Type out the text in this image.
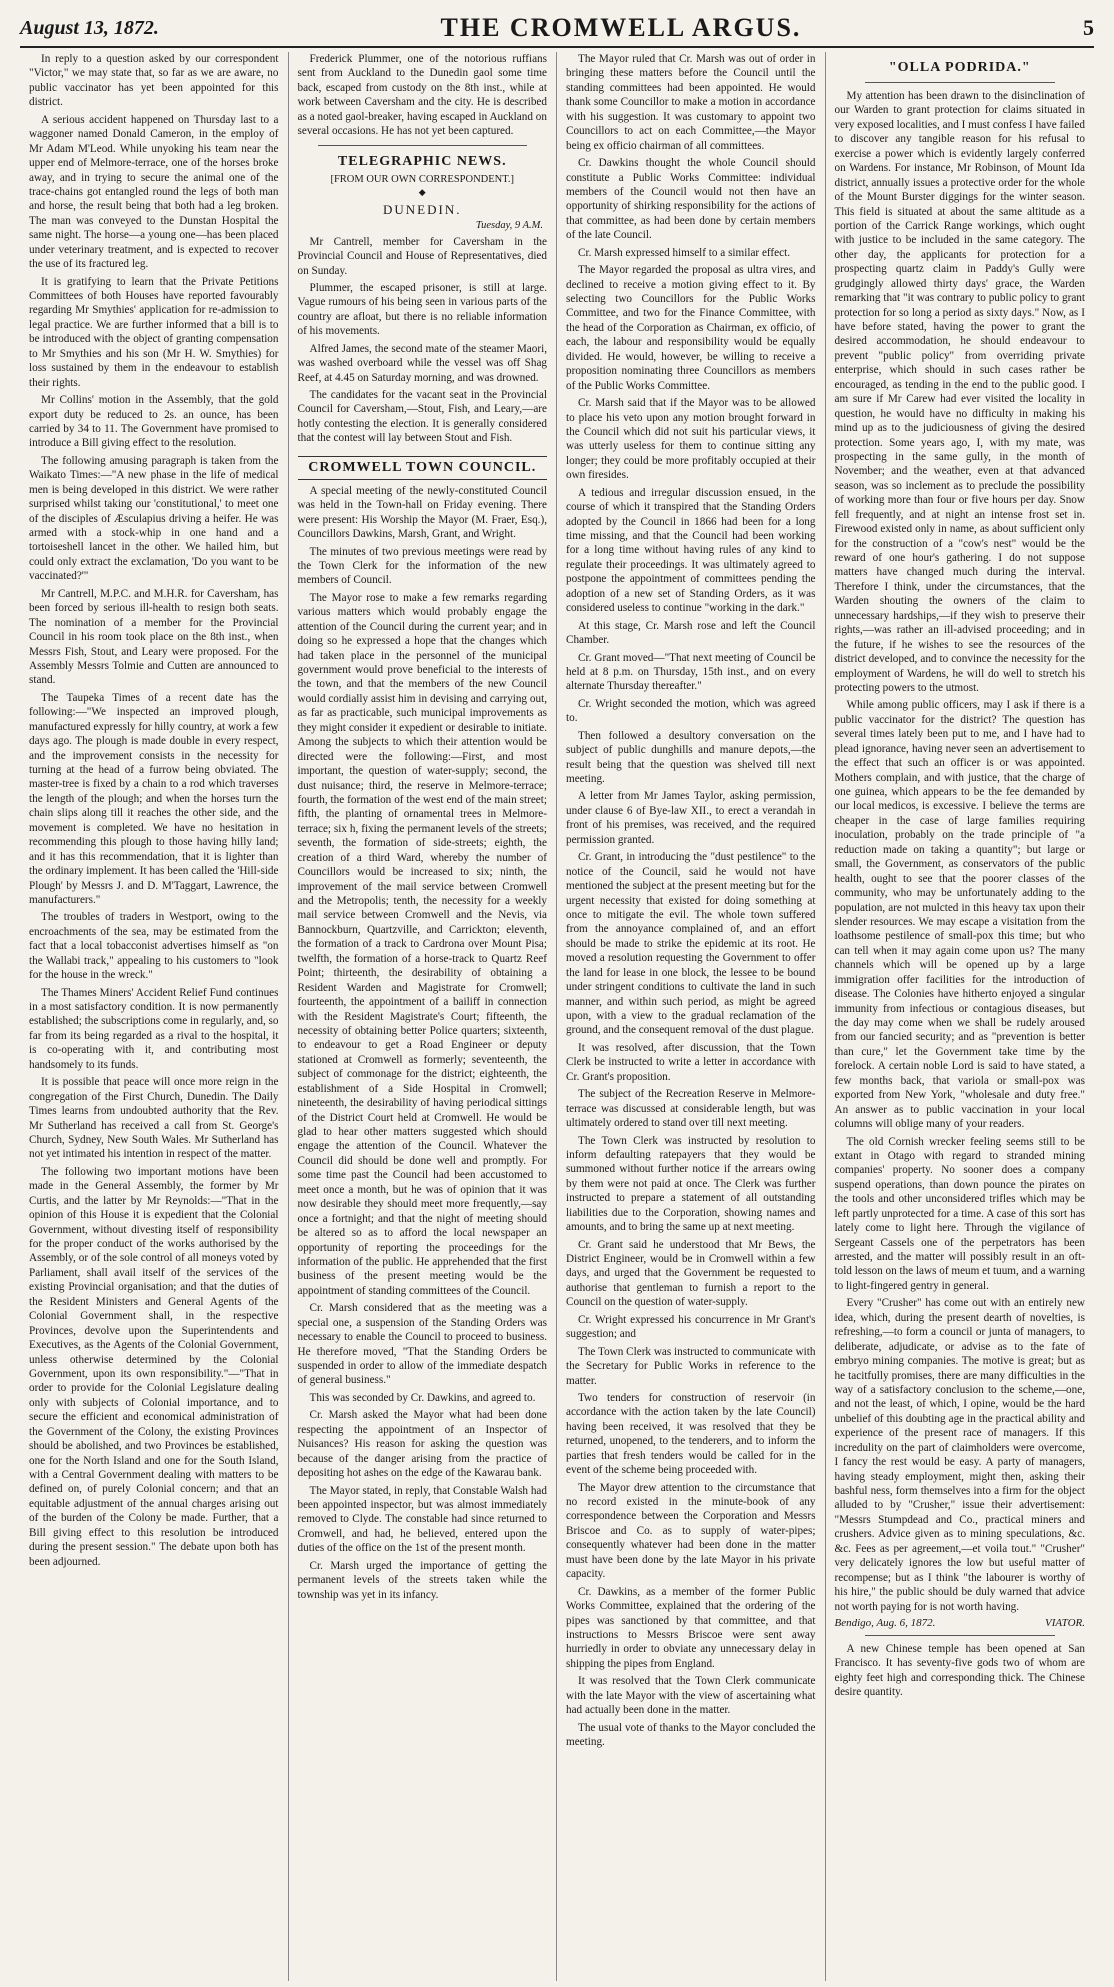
August 13, 1872.	THE CROMWELL ARGUS.	5

In reply to a question asked by our correspondent "Victor," we may state that, so far as we are aware, no public vaccinator has yet been appointed for this district.

A serious accident happened on Thursday last to a waggoner named Donald Cameron, in the employ of Mr Adam M'Leod. While unyoking his team near the upper end of Melmore-terrace, one of the horses broke away, and in trying to secure the animal one of the trace-chains got entangled round the legs of both man and horse, the result being that both had a leg broken. The man was conveyed to the Dunstan Hospital the same night. The horse—a young one—has been placed under veterinary treatment, and is expected to recover the use of its fractured leg.

It is gratifying to learn that the Private Petitions Committees of both Houses have reported favourably regarding Mr Smythies' application for re-admission to legal practice. We are further informed that a bill is to be introduced with the object of granting compensation to Mr Smythies and his son (Mr H. W. Smythies) for loss sustained by them in the endeavour to establish their rights.

Mr Collins' motion in the Assembly, that the gold export duty be reduced to 2s. an ounce, has been carried by 34 to 11. The Government have promised to introduce a Bill giving effect to the resolution.

The following amusing paragraph is taken from the Waikato Times:—"A new phase in the life of medical men is being developed in this district. We were rather surprised whilst taking our 'constitutional,' to meet one of the disciples of Æsculapius driving a heifer. He was armed with a stock-whip in one hand and a tortoiseshell lancet in the other. We hailed him, but could only extract the exclamation, 'Do you want to be vaccinated?'"

Mr Cantrell, M.P.C. and M.H.R. for Caversham, has been forced by serious ill-health to resign both seats. The nomination of a member for the Provincial Council in his room took place on the 8th inst., when Messrs Fish, Stout, and Leary were proposed. For the Assembly Messrs Tolmie and Cutten are announced to stand.

The Taupeka Times of a recent date has the following:—"We inspected an improved plough, manufactured expressly for hilly country, at work a few days ago. The plough is made double in every respect, and the improvement consists in the necessity for turning at the head of a furrow being obviated. The master-tree is fixed by a chain to a rod which traverses the length of the plough; and when the horses turn the chain slips along till it reaches the other side, and the movement is completed. We have no hesitation in recommending this plough to those having hilly land; and it has this recommendation, that it is lighter than the ordinary implement. It has been called the 'Hill-side Plough' by Messrs J. and D. M'Taggart, Lawrence, the manufacturers."

The troubles of traders in Westport, owing to the encroachments of the sea, may be estimated from the fact that a local tobacconist advertises himself as "on the Wallabi track," appealing to his customers to "look for the house in the wreck."

The Thames Miners' Accident Relief Fund continues in a most satisfactory condition. It is now permanently established; the subscriptions come in regularly, and, so far from its being regarded as a rival to the hospital, it is co-operating with it, and contributing most handsomely to its funds.

It is possible that peace will once more reign in the congregation of the First Church, Dunedin. The Daily Times learns from undoubted authority that the Rev. Mr Sutherland has received a call from St. George's Church, Sydney, New South Wales. Mr Sutherland has not yet intimated his intention in respect of the matter.

The following two important motions have been made in the General Assembly, the former by Mr Curtis, and the latter by Mr Reynolds:—"That in the opinion of this House it is expedient that the Colonial Government, without divesting itself of responsibility for the proper conduct of the works authorised by the Assembly, or of the sole control of all moneys voted by Parliament, shall avail itself of the services of the existing Provincial organisation; and that the duties of the Resident Ministers and General Agents of the Colonial Government shall, in the respective Provinces, devolve upon the Superintendents and Executives, as the Agents of the Colonial Government, unless otherwise determined by the Colonial Government, upon its own responsibility."—"That in order to provide for the Colonial Legislature dealing only with subjects of Colonial importance, and to secure the efficient and economical administration of the Government of the Colony, the existing Provinces should be abolished, and two Provinces be established, one for the North Island and one for the South Island, with a Central Government dealing with matters to be defined on, of purely Colonial concern; and that an equitable adjustment of the annual charges arising out of the burden of the Colony be made. Further, that a Bill giving effect to this resolution be introduced during the present session." The debate upon both has been adjourned.

Frederick Plummer, one of the notorious ruffians sent from Auckland to the Dunedin gaol some time back, escaped from custody on the 8th inst., while at work between Caversham and the city. He is described as a noted gaol-breaker, having escaped in Auckland on several occasions. He has not yet been captured.

TELEGRAPHIC NEWS.
[FROM OUR OWN CORRESPONDENT.]
◆
DUNEDIN.
Tuesday, 9 A.M.

Mr Cantrell, member for Caversham in the Provincial Council and House of Representatives, died on Sunday.

Plummer, the escaped prisoner, is still at large. Vague rumours of his being seen in various parts of the country are afloat, but there is no reliable information of his movements.

Alfred James, the second mate of the steamer Maori, was washed overboard while the vessel was off Shag Reef, at 4.45 on Saturday morning, and was drowned.

The candidates for the vacant seat in the Provincial Council for Caversham,—Stout, Fish, and Leary,—are hotly contesting the election. It is generally considered that the contest will lay between Stout and Fish.

CROMWELL TOWN COUNCIL.

A special meeting of the newly-constituted Council was held in the Town-hall on Friday evening. There were present: His Worship the Mayor (M. Fraer, Esq.), Councillors Dawkins, Marsh, Grant, and Wright.

The minutes of two previous meetings were read by the Town Clerk for the information of the new members of Council.

The Mayor rose to make a few remarks regarding various matters which would probably engage the attention of the Council during the current year; and in doing so he expressed a hope that the changes which had taken place in the personnel of the municipal government would prove beneficial to the interests of the town, and that the members of the new Council would cordially assist him in devising and carrying out, as far as practicable, such municipal improvements as they might consider it expedient or desirable to initiate. Among the subjects to which their attention would be directed were the following:—First, and most important, the question of water-supply; second, the dust nuisance; third, the reserve in Melmore-terrace; fourth, the formation of the west end of the main street; fifth, the planting of ornamental trees in Melmore-terrace; six h, fixing the permanent levels of the streets; seventh, the formation of side-streets; eighth, the creation of a third Ward, whereby the number of Councillors would be increased to six; ninth, the improvement of the mail service between Cromwell and the Metropolis; tenth, the necessity for a weekly mail service between Cromwell and the Nevis, via Bannockburn, Quartzville, and Carrickton; eleventh, the formation of a track to Cardrona over Mount Pisa; twelfth, the formation of a horse-track to Quartz Reef Point; thirteenth, the desirability of obtaining a Resident Warden and Magistrate for Cromwell; fourteenth, the appointment of a bailiff in connection with the Resident Magistrate's Court; fifteenth, the necessity of obtaining better Police quarters; sixteenth, to endeavour to get a Road Engineer or deputy stationed at Cromwell as formerly; seventeenth, the subject of commonage for the district; eighteenth, the establishment of a Side Hospital in Cromwell; nineteenth, the desirability of having periodical sittings of the District Court held at Cromwell. He would be glad to hear other matters suggested which should engage the attention of the Council. Whatever the Council did should be done well and promptly. For some time past the Council had been accustomed to meet once a month, but he was of opinion that it was now desirable they should meet more frequently,—say once a fortnight; and that the night of meeting should be altered so as to afford the local newspaper an opportunity of reporting the proceedings for the information of the public. He apprehended that the first business of the present meeting would be the appointment of standing committees of the Council.

Cr. Marsh considered that as the meeting was a special one, a suspension of the Standing Orders was necessary to enable the Council to proceed to business. He therefore moved, "That the Standing Orders be suspended in order to allow of the immediate despatch of general business."

This was seconded by Cr. Dawkins, and agreed to.

Cr. Marsh asked the Mayor what had been done respecting the appointment of an Inspector of Nuisances? His reason for asking the question was because of the danger arising from the practice of depositing hot ashes on the edge of the Kawarau bank.

The Mayor stated, in reply, that Constable Walsh had been appointed inspector, but was almost immediately removed to Clyde. The constable had since returned to Cromwell, and had, he believed, entered upon the duties of the office on the 1st of the present month.

Cr. Marsh urged the importance of getting the permanent levels of the streets taken while the township was yet in its infancy.

The Mayor ruled that Cr. Marsh was out of order in bringing these matters before the Council until the standing committees had been appointed. He would thank some Councillor to make a motion in accordance with his suggestion. It was customary to appoint two Councillors to act on each Committee,—the Mayor being ex officio chairman of all committees.

Cr. Dawkins thought the whole Council should constitute a Public Works Committee: individual members of the Council would not then have an opportunity of shirking responsibility for the actions of that committee, as had been done by certain members of the late Council.

Cr. Marsh expressed himself to a similar effect.

The Mayor regarded the proposal as ultra vires, and declined to receive a motion giving effect to it. By selecting two Councillors for the Public Works Committee, and two for the Finance Committee, with the head of the Corporation as Chairman, ex officio, of each, the labour and responsibility would be equally divided. He would, however, be willing to receive a proposition nominating three Councillors as members of the Public Works Committee.

Cr. Marsh said that if the Mayor was to be allowed to place his veto upon any motion brought forward in the Council which did not suit his particular views, it was utterly useless for them to continue sitting any longer; they could be more profitably occupied at their own firesides.

A tedious and irregular discussion ensued, in the course of which it transpired that the Standing Orders adopted by the Council in 1866 had been for a long time missing, and that the Council had been working for a long time without having rules of any kind to regulate their proceedings. It was ultimately agreed to postpone the appointment of committees pending the adoption of a new set of Standing Orders, as it was considered useless to continue "working in the dark."

At this stage, Cr. Marsh rose and left the Council Chamber.

Cr. Grant moved—"That next meeting of Council be held at 8 p.m. on Thursday, 15th inst., and on every alternate Thursday thereafter."

Cr. Wright seconded the motion, which was agreed to.

Then followed a desultory conversation on the subject of public dunghills and manure depots,—the result being that the question was shelved till next meeting.

A letter from Mr James Taylor, asking permission, under clause 6 of Bye-law XII., to erect a verandah in front of his premises, was received, and the required permission granted.

Cr. Grant, in introducing the "dust pestilence" to the notice of the Council, said he would not have mentioned the subject at the present meeting but for the urgent necessity that existed for doing something at once to mitigate the evil. The whole town suffered from the annoyance complained of, and an effort should be made to strike the epidemic at its root. He moved a resolution requesting the Government to offer the land for lease in one block, the lessee to be bound under stringent conditions to cultivate the land in such manner, and within such period, as might be agreed upon, with a view to the gradual reclamation of the ground, and the consequent removal of the dust plague.

It was resolved, after discussion, that the Town Clerk be instructed to write a letter in accordance with Cr. Grant's proposition.

The subject of the Recreation Reserve in Melmore-terrace was discussed at considerable length, but was ultimately ordered to stand over till next meeting.

The Town Clerk was instructed by resolution to inform defaulting ratepayers that they would be summoned without further notice if the arrears owing by them were not paid at once. The Clerk was further instructed to prepare a statement of all outstanding liabilities due to the Corporation, showing names and amounts, and to bring the same up at next meeting.

Cr. Grant said he understood that Mr Bews, the District Engineer, would be in Cromwell within a few days, and urged that the Government be requested to authorise that gentleman to furnish a report to the Council on the question of water-supply.

Cr. Wright expressed his concurrence in Mr Grant's suggestion; and

The Town Clerk was instructed to communicate with the Secretary for Public Works in reference to the matter.

Two tenders for construction of reservoir (in accordance with the action taken by the late Council) having been received, it was resolved that they be returned, unopened, to the tenderers, and to inform the parties that fresh tenders would be called for in the event of the scheme being proceeded with.

The Mayor drew attention to the circumstance that no record existed in the minute-book of any correspondence between the Corporation and Messrs Briscoe and Co. as to supply of water-pipes; consequently whatever had been done in the matter must have been done by the late Mayor in his private capacity.

Cr. Dawkins, as a member of the former Public Works Committee, explained that the ordering of the pipes was sanctioned by that committee, and that instructions to Messrs Briscoe were sent away hurriedly in order to obviate any unnecessary delay in shipping the pipes from England.

It was resolved that the Town Clerk communicate with the late Mayor with the view of ascertaining what had actually been done in the matter.

The usual vote of thanks to the Mayor concluded the meeting.

"OLLA PODRIDA."

My attention has been drawn to the disinclination of our Warden to grant protection for claims situated in very exposed localities, and I must confess I have failed to discover any tangible reason for his refusal to exercise a power which is evidently largely conferred on Wardens. For instance, Mr Robinson, of Mount Ida district, annually issues a protective order for the whole of the Mount Burster diggings for the winter season. This field is situated at about the same altitude as a portion of the Carrick Range workings, which ought with justice to be included in the same category. The other day, the applicants for protection for a prospecting quartz claim in Paddy's Gully were grudgingly allowed thirty days' grace, the Warden remarking that "it was contrary to public policy to grant protection for so long a period as sixty days." Now, as I have before stated, having the power to grant the desired accommodation, he should endeavour to prevent "public policy" from overriding private enterprise, which should in such cases rather be encouraged, as tending in the end to the public good. I am sure if Mr Carew had ever visited the locality in question, he would have no difficulty in making his mind up as to the judiciousness of giving the desired protection. Some years ago, I, with my mate, was prospecting in the same gully, in the month of November; and the weather, even at that advanced season, was so inclement as to preclude the possibility of working more than four or five hours per day. Snow fell frequently, and at night an intense frost set in. Firewood existed only in name, as about sufficient only for the construction of a "cow's nest" would be the reward of one hour's gathering. I do not suppose matters have changed much during the interval. Therefore I think, under the circumstances, that the Warden shouting the owners of the claim to unnecessary hardships,—if they wish to preserve their rights,—was rather an ill-advised proceeding; and in the future, if he wishes to see the resources of the district developed, and to convince the necessity for the employment of Wardens, he will do well to stretch his protecting powers to the utmost.

While among public officers, may I ask if there is a public vaccinator for the district? The question has several times lately been put to me, and I have had to plead ignorance, having never seen an advertisement to the effect that such an officer is or was appointed. Mothers complain, and with justice, that the charge of one guinea, which appears to be the fee demanded by our local medicos, is excessive. I believe the terms are cheaper in the case of large families requiring inoculation, probably on the trade principle of "a reduction made on taking a quantity"; but large or small, the Government, as conservators of the public health, ought to see that the poorer classes of the community, who may be unfortunately adding to the population, are not mulcted in this heavy tax upon their slender resources. We may escape a visitation from the loathsome pestilence of small-pox this time; but who can tell when it may again come upon us? The many channels which will be opened up by a large immigration offer facilities for the introduction of disease. The Colonies have hitherto enjoyed a singular immunity from infectious or contagious diseases, but the day may come when we shall be rudely aroused from our fancied security; and as "prevention is better than cure," let the Government take time by the forelock. A certain noble Lord is said to have stated, a few months back, that variola or small-pox was exported from New York, "wholesale and duty free." An answer as to public vaccination in your local columns will oblige many of your readers.

The old Cornish wrecker feeling seems still to be extant in Otago with regard to stranded mining companies' property. No sooner does a company suspend operations, than down pounce the pirates on the tools and other unconsidered trifles which may be left partly unprotected for a time. A case of this sort has lately come to light here. Through the vigilance of Sergeant Cassels one of the perpetrators has been arrested, and the matter will possibly result in an oft-told lesson on the laws of meum et tuum, and a warning to light-fingered gentry in general.

Every "Crusher" has come out with an entirely new idea, which, during the present dearth of novelties, is refreshing,—to form a council or junta of managers, to deliberate, adjudicate, or advise as to the fate of embryo mining companies. The motive is great; but as he tacitfully promises, there are many difficulties in the way of a satisfactory conclusion to the scheme,—one, and not the least, of which, I opine, would be the hard unbelief of this doubting age in the practical ability and experience of the present race of managers. If this incredulity on the part of claimholders were overcome, I fancy the rest would be easy. A party of managers, having steady employment, might then, asking their bashful ness, form themselves into a firm for the object alluded to by "Crusher," issue their advertisement: "Messrs Stumpdead and Co., practical miners and crushers. Advice given as to mining speculations, &c. &c. Fees as per agreement,—et voila tout." "Crusher" very delicately ignores the low but useful matter of recompense; but as I think "the labourer is worthy of his hire," the public should be duly warned that advice not worth paying for is not worth having.

Bendigo, Aug. 6, 1872.	VIATOR.

A new Chinese temple has been opened at San Francisco. It has seventy-five gods two of whom are eighty feet high and corresponding thick. The Chinese desire quantity.
